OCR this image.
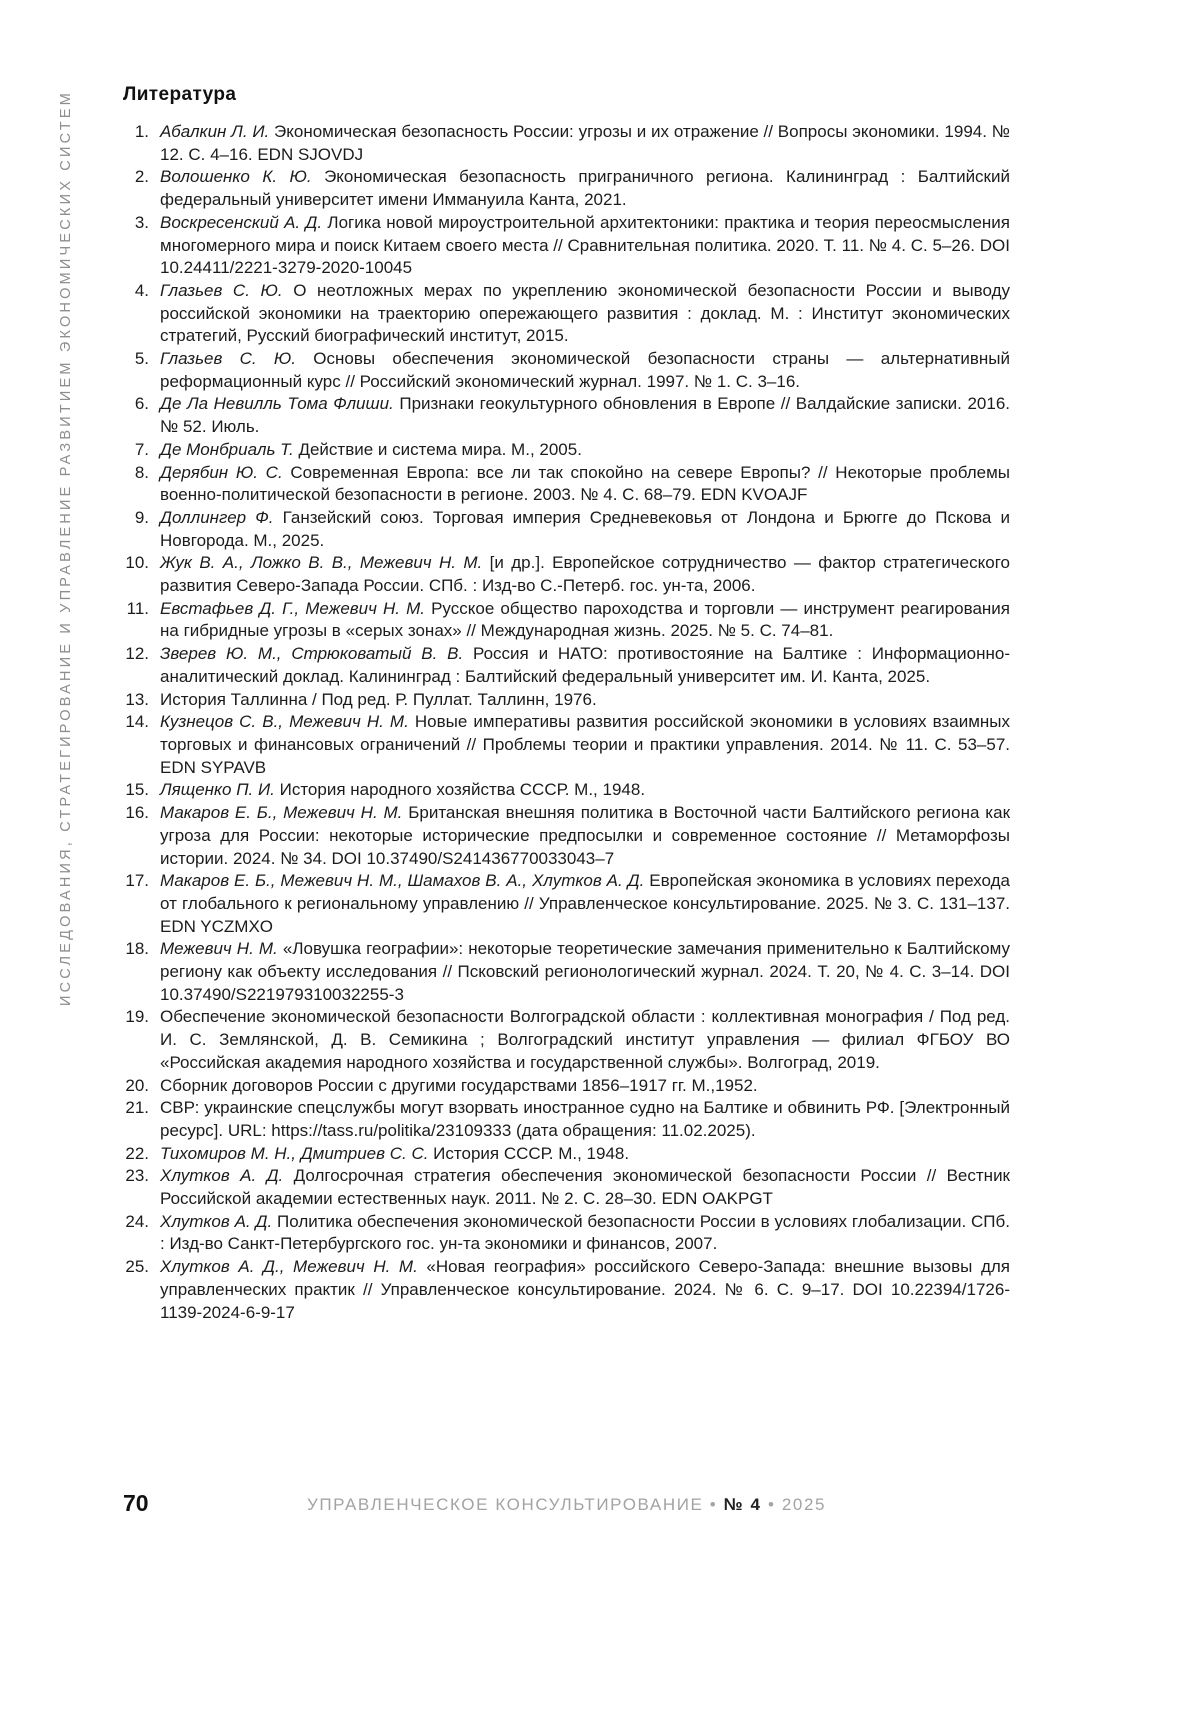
ИССЛЕДОВАНИЯ, СТРАТЕГИРОВАНИЕ И УПРАВЛЕНИЕ РАЗВИТИЕМ ЭКОНОМИЧЕСКИХ СИСТЕМ	Литература
1. Абалкин Л. И. Экономическая безопасность России: угрозы и их отражение // Вопросы экономики. 1994. № 12. С. 4–16. EDN SJOVDJ
2. Волошенко К. Ю. Экономическая безопасность приграничного региона. Калининград : Балтийский федеральный университет имени Иммануила Канта, 2021.
3. Воскресенский А. Д. Логика новой мироустроительной архитектоники: практика и теория переосмысления многомерного мира и поиск Китаем своего места // Сравнительная политика. 2020. Т. 11. № 4. С. 5–26. DOI 10.24411/2221-3279-2020-10045
4. Глазьев С. Ю. О неотложных мерах по укреплению экономической безопасности России и выводу российской экономики на траекторию опережающего развития : доклад. М. : Институт экономических стратегий, Русский биографический институт, 2015.
5. Глазьев С. Ю. Основы обеспечения экономической безопасности страны — альтернативный реформационный курс // Российский экономический журнал. 1997. № 1. С. 3–16.
6. Де Ла Невилль Тома Флиши. Признаки геокультурного обновления в Европе // Валдайские записки. 2016. № 52. Июль.
7. Де Монбриаль Т. Действие и система мира. М., 2005.
8. Дерябин Ю. С. Современная Европа: все ли так спокойно на севере Европы? // Некоторые проблемы военно-политической безопасности в регионе. 2003. № 4. С. 68–79. EDN KVOAJF
9. Доллингер Ф. Ганзейский союз. Торговая империя Средневековья от Лондона и Брюгге до Пскова и Новгорода. М., 2025.
10. Жук В. А., Ложко В. В., Межевич Н. М. [и др.]. Европейское сотрудничество — фактор стратегического развития Северо-Запада России. СПб. : Изд-во С.-Петерб. гос. ун-та, 2006.
11. Евстафьев Д. Г., Межевич Н. М. Русское общество пароходства и торговли — инструмент реагирования на гибридные угрозы в «серых зонах» // Международная жизнь. 2025. № 5. С. 74–81.
12. Зверев Ю. М., Стрюковатый В. В. Россия и НАТО: противостояние на Балтике : Информационно-аналитический доклад. Калининград : Балтийский федеральный университет им. И. Канта, 2025.
13. История Таллинна / Под ред. Р. Пуллат. Таллинн, 1976.
14. Кузнецов С. В., Межевич Н. М. Новые императивы развития российской экономики в условиях взаимных торговых и финансовых ограничений // Проблемы теории и практики управления. 2014. № 11. С. 53–57. EDN SYPAVB
15. Лященко П. И. История народного хозяйства СССР. М., 1948.
16. Макаров Е. Б., Межевич Н. М. Британская внешняя политика в Восточной части Балтийского региона как угроза для России: некоторые исторические предпосылки и современное состояние // Метаморфозы истории. 2024. № 34. DOI 10.37490/S241436770033043–7
17. Макаров Е. Б., Межевич Н. М., Шамахов В. А., Хлутков А. Д. Европейская экономика в условиях перехода от глобального к региональному управлению // Управленческое консультирование. 2025. № 3. С. 131–137. EDN YCZMXO
18. Межевич Н. М. «Ловушка географии»: некоторые теоретические замечания применительно к Балтийскому региону как объекту исследования // Псковский регионологический журнал. 2024. Т. 20, № 4. С. 3–14. DOI 10.37490/S221979310032255-3
19. Обеспечение экономической безопасности Волгоградской области : коллективная монография / Под ред. И. С. Землянской, Д. В. Семикина ; Волгоградский институт управления — филиал ФГБОУ ВО «Российская академия народного хозяйства и государственной службы». Волгоград, 2019.
20. Сборник договоров России с другими государствами 1856–1917 гг. М.,1952.
21. СВР: украинские спецслужбы могут взорвать иностранное судно на Балтике и обвинить РФ. [Электронный ресурс]. URL: https://tass.ru/politika/23109333 (дата обращения: 11.02.2025).
22. Тихомиров М. Н., Дмитриев С. С. История СССР. М., 1948.
23. Хлутков А. Д. Долгосрочная стратегия обеспечения экономической безопасности России // Вестник Российской академии естественных наук. 2011. № 2. С. 28–30. EDN OAKPGT
24. Хлутков А. Д. Политика обеспечения экономической безопасности России в условиях глобализации. СПб. : Изд-во Санкт-Петербургского гос. ун-та экономики и финансов, 2007.
25. Хлутков А. Д., Межевич Н. М. «Новая география» российского Северо-Запада: внешние вызовы для управленческих практик // Управленческое консультирование. 2024. № 6. С. 9–17. DOI 10.22394/1726-1139-2024-6-9-17
70	УПРАВЛЕНЧЕСКОЕ КОНСУЛЬТИРОВАНИЕ • № 4 • 2025
